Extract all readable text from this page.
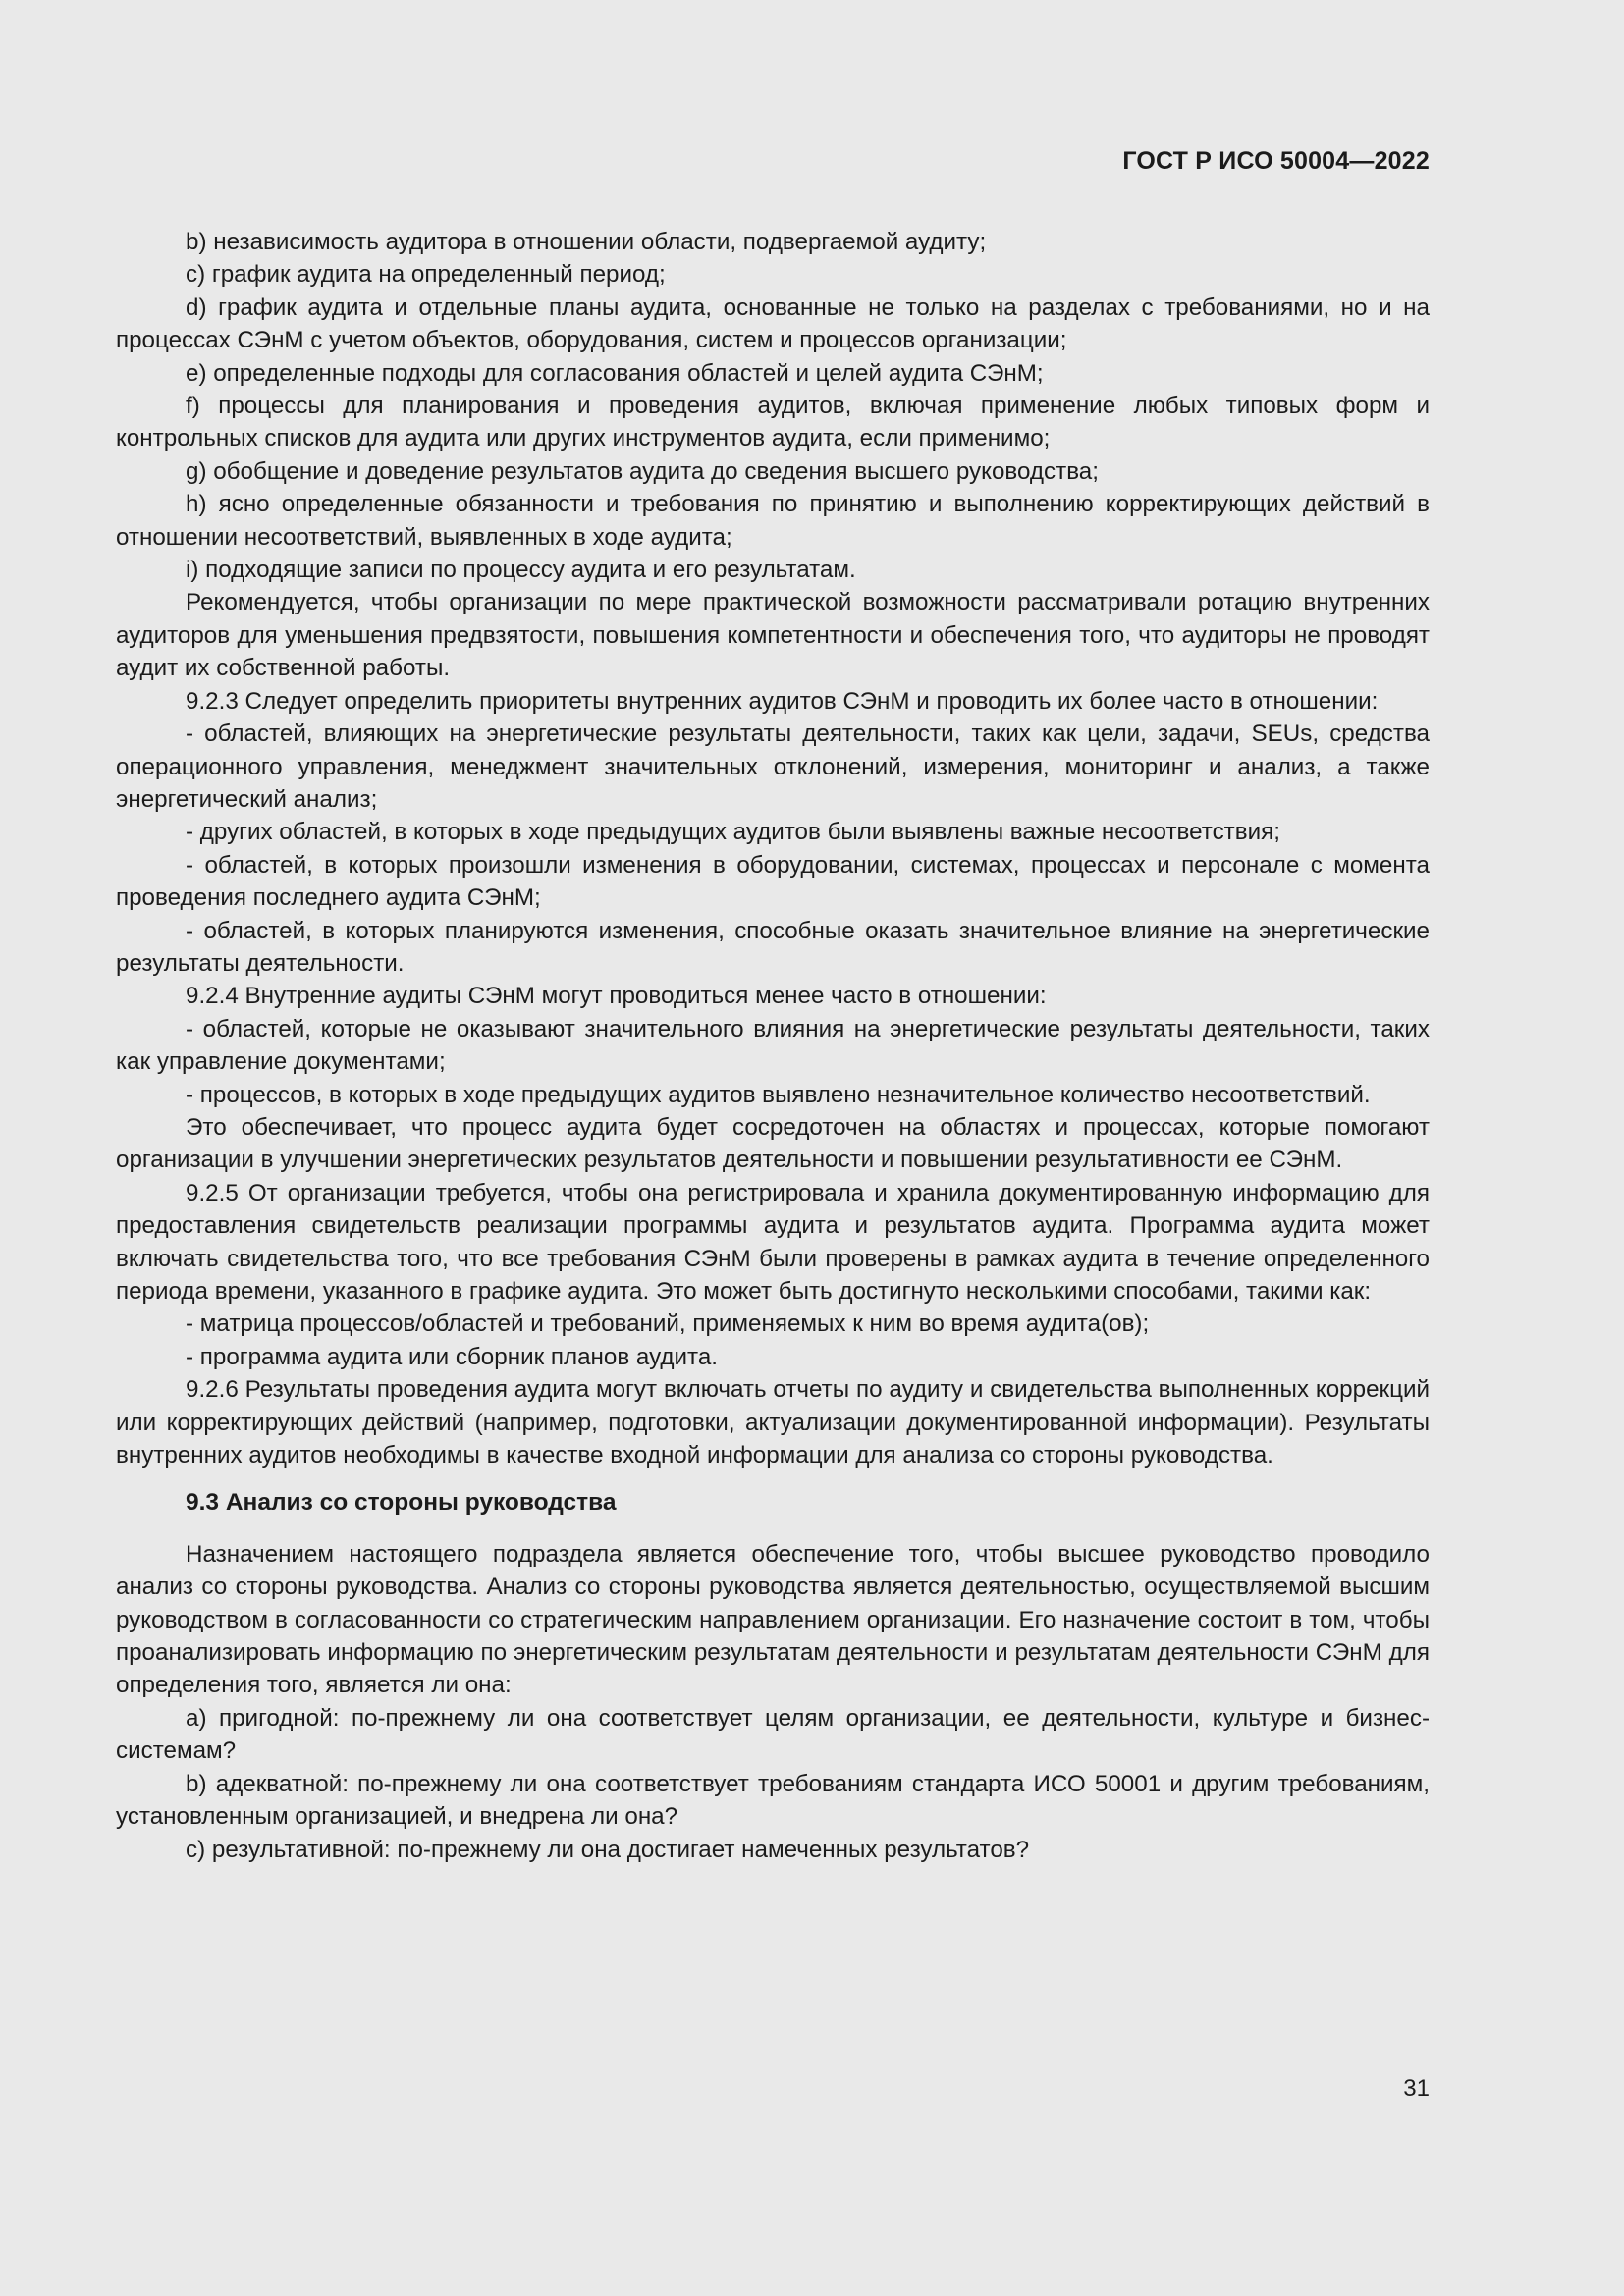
ГОСТ Р ИСО 50004—2022

b) независимость аудитора в отношении области, подвергаемой аудиту;

c) график аудита на определенный период;

d) график аудита и отдельные планы аудита, основанные не только на разделах с требованиями, но и на процессах СЭнМ с учетом объектов, оборудования, систем и процессов организации;

e) определенные подходы для согласования областей и целей аудита СЭнМ;

f) процессы для планирования и проведения аудитов, включая применение любых типовых форм и контрольных списков для аудита или других инструментов аудита, если применимо;

g) обобщение и доведение результатов аудита до сведения высшего руководства;

h) ясно определенные обязанности и требования по принятию и выполнению корректирующих действий в отношении несоответствий, выявленных в ходе аудита;

i) подходящие записи по процессу аудита и его результатам.

Рекомендуется, чтобы организации по мере практической возможности рассматривали ротацию внутренних аудиторов для уменьшения предвзятости, повышения компетентности и обеспечения того, что аудиторы не проводят аудит их собственной работы.

9.2.3 Следует определить приоритеты внутренних аудитов СЭнМ и проводить их более часто в отношении:

- областей, влияющих на энергетические результаты деятельности, таких как цели, задачи, SEUs, средства операционного управления, менеджмент значительных отклонений, измерения, мониторинг и анализ, а также энергетический анализ;

- других областей, в которых в ходе предыдущих аудитов были выявлены важные несоответствия;

- областей, в которых произошли изменения в оборудовании, системах, процессах и персонале с момента проведения последнего аудита СЭнМ;

- областей, в которых планируются изменения, способные оказать значительное влияние на энергетические результаты деятельности.

9.2.4 Внутренние аудиты СЭнМ могут проводиться менее часто в отношении:

- областей, которые не оказывают значительного влияния на энергетические результаты деятельности, таких как управление документами;

- процессов, в которых в ходе предыдущих аудитов выявлено незначительное количество несоответствий.

Это обеспечивает, что процесс аудита будет сосредоточен на областях и процессах, которые помогают организации в улучшении энергетических результатов деятельности и повышении результативности ее СЭнМ.

9.2.5 От организации требуется, чтобы она регистрировала и хранила документированную информацию для предоставления свидетельств реализации программы аудита и результатов аудита. Программа аудита может включать свидетельства того, что все требования СЭнМ были проверены в рамках аудита в течение определенного периода времени, указанного в графике аудита. Это может быть достигнуто несколькими способами, такими как:

- матрица процессов/областей и требований, применяемых к ним во время аудита(ов);

- программа аудита или сборник планов аудита.

9.2.6 Результаты проведения аудита могут включать отчеты по аудиту и свидетельства выполненных коррекций или корректирующих действий (например, подготовки, актуализации документированной информации). Результаты внутренних аудитов необходимы в качестве входной информации для анализа со стороны руководства.

9.3 Анализ со стороны руководства

Назначением настоящего подраздела является обеспечение того, чтобы высшее руководство проводило анализ со стороны руководства. Анализ со стороны руководства является деятельностью, осуществляемой высшим руководством в согласованности со стратегическим направлением организации. Его назначение состоит в том, чтобы проанализировать информацию по энергетическим результатам деятельности и результатам деятельности СЭнМ для определения того, является ли она:

a) пригодной: по-прежнему ли она соответствует целям организации, ее деятельности, культуре и бизнес-системам?

b) адекватной: по-прежнему ли она соответствует требованиям стандарта ИСО 50001 и другим требованиям, установленным организацией, и внедрена ли она?

c) результативной: по-прежнему ли она достигает намеченных результатов?

31
